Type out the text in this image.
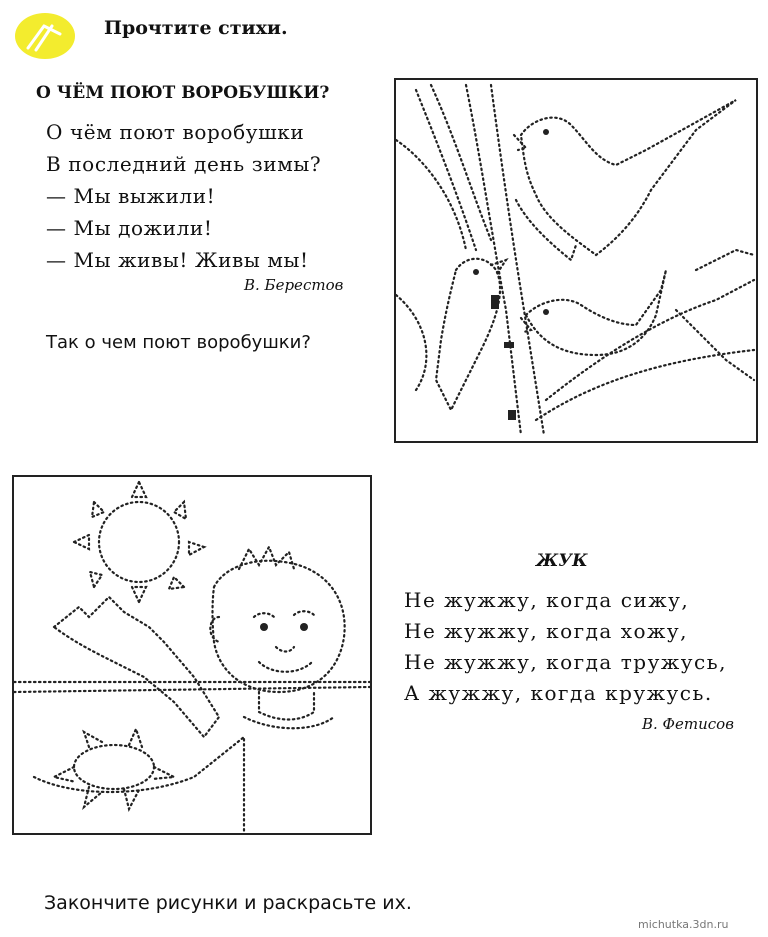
Прочтите стихи.
О ЧЁМ ПОЮТ ВОРОБУШКИ?
О чём поют воробушки
В последний день зимы?
— Мы выжили!
— Мы дожили!
— Мы живы! Живы мы!
В. Берестов
Так о чем поют воробушки?
ЖУК
Не жужжу, когда сижу,
Не жужжу, когда хожу,
Не жужжу, когда тружусь,
А жужжу, когда кружусь.
В. Фетисов
Закончите рисунки и раскрасьте их.
michutka.3dn.ru
